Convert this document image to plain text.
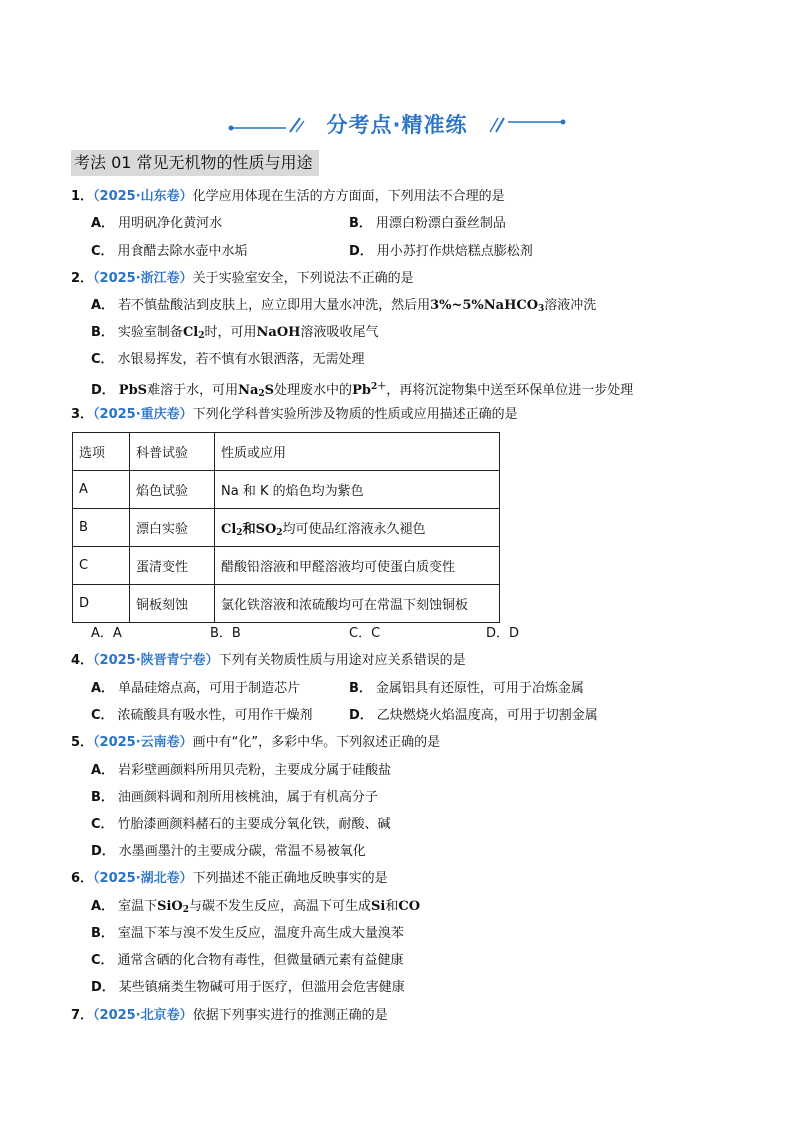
分考点·精准练
考法 01 常见无机物的性质与用途
1．（2025·山东卷）化学应用体现在生活的方方面面，下列用法不合理的是
A． 用明矾净化黄河水	B． 用漂白粉漂白蚕丝制品
C． 用食醋去除水壶中水垢	D． 用小苏打作烘焙糕点膨松剂
2．（2025·浙江卷）关于实验室安全，下列说法不正确的是
A． 若不慎盐酸沾到皮肤上，应立即用大量水冲洗，然后用3%~5%NaHCO$_3$溶液冲洗
B． 实验室制备$Cl_2$时，可用NaOH溶液吸收尾气
C． 水银易挥发，若不慎有水银洒落，无需处理
D． PbS难溶于水，可用$Na_2S$处理废水中的$Pb^{2+}$，再将沉淀物集中送至环保单位进一步处理
3．（2025·重庆卷）下列化学科普实验所涉及物质的性质或应用描述正确的是
选项	科普试验	性质或应用
A	焰色试验	Na 和 K 的焰色均为紫色
B	漂白实验	$Cl_2$和$SO_2$均可使品红溶液永久褪色
C	蛋清变性	醋酸铅溶液和甲醛溶液均可使蛋白质变性
D	铜板刻蚀	氯化铁溶液和浓硫酸均可在常温下刻蚀铜板
A．A	B．B	C．C	D．D
4．（2025·陕晋青宁卷）下列有关物质性质与用途对应关系错误的是
A． 单晶硅熔点高，可用于制造芯片	B． 金属铝具有还原性，可用于冶炼金属
C． 浓硫酸具有吸水性，可用作干燥剂	D． 乙炔燃烧火焰温度高，可用于切割金属
5．（2025·云南卷）画中有“化”，多彩中华。下列叙述正确的是
A． 岩彩壁画颜料所用贝壳粉，主要成分属于硅酸盐
B． 油画颜料调和剂所用核桃油，属于有机高分子
C． 竹胎漆画颜料赭石的主要成分氧化铁，耐酸、碱
D． 水墨画墨汁的主要成分碳，常温不易被氧化
6．（2025·湖北卷）下列描述不能正确地反映事实的是
A． 室温下SiO$_2$与碳不发生反应，高温下可生成Si和CO
B． 室温下苯与溴不发生反应，温度升高生成大量溴苯
C． 通常含硒的化合物有毒性，但微量硒元素有益健康
D． 某些镇痛类生物碱可用于医疗，但滥用会危害健康
7．（2025·北京卷）依据下列事实进行的推测正确的是
